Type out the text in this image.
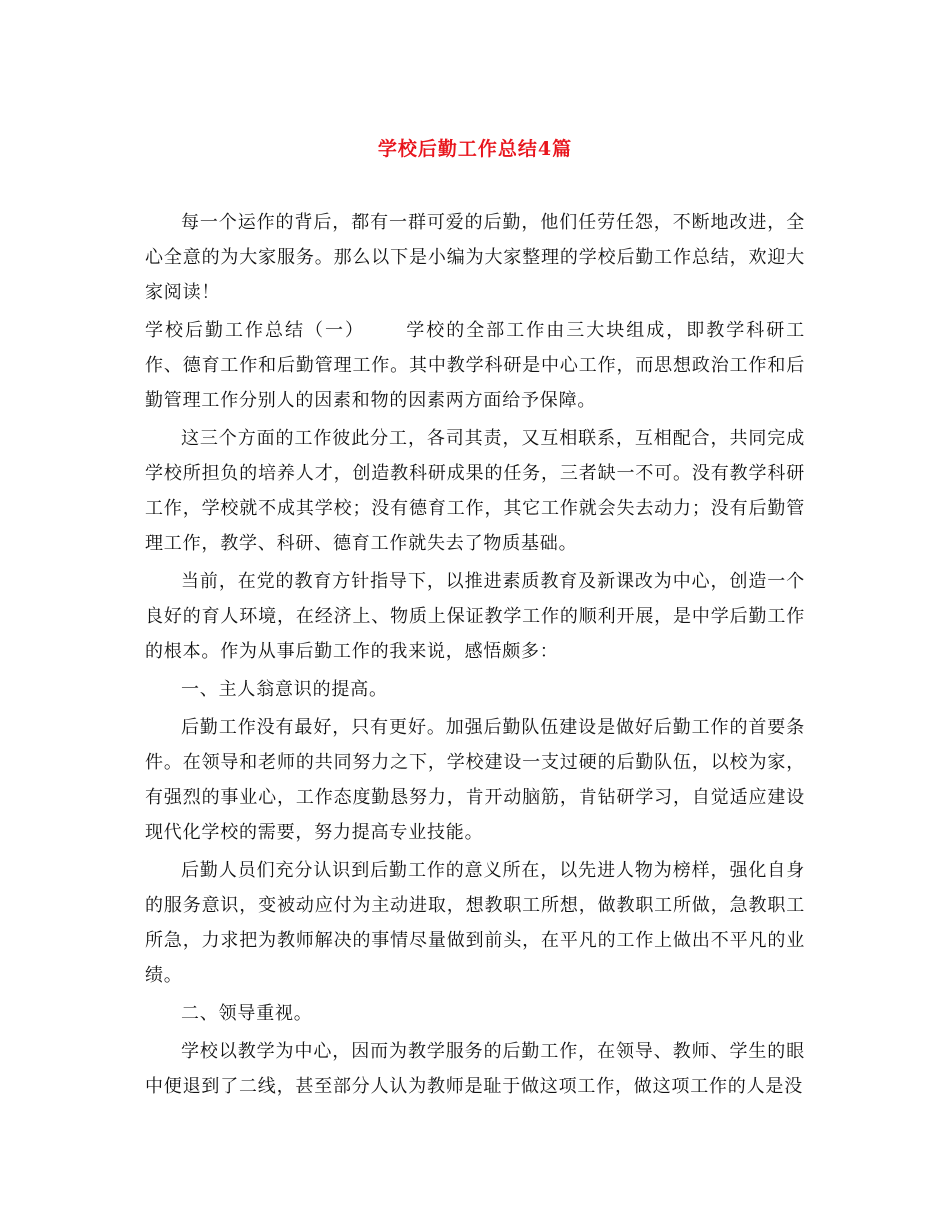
学校后勤工作总结4篇

每一个运作的背后，都有一群可爱的后勤，他们任劳任怨，不断地改进，全心全意的为大家服务。那么以下是小编为大家整理的学校后勤工作总结，欢迎大家阅读！

学校后勤工作总结（一） 学校的全部工作由三大块组成，即教学科研工作、德育工作和后勤管理工作。其中教学科研是中心工作，而思想政治工作和后勤管理工作分别人的因素和物的因素两方面给予保障。

这三个方面的工作彼此分工，各司其责，又互相联系，互相配合，共同完成学校所担负的培养人才，创造教科研成果的任务，三者缺一不可。没有教学科研工作，学校就不成其学校；没有德育工作，其它工作就会失去动力；没有后勤管理工作，教学、科研、德育工作就失去了物质基础。

当前，在党的教育方针指导下，以推进素质教育及新课改为中心，创造一个良好的育人环境，在经济上、物质上保证教学工作的顺利开展，是中学后勤工作的根本。作为从事后勤工作的我来说，感悟颇多：

一、主人翁意识的提高。

后勤工作没有最好，只有更好。加强后勤队伍建设是做好后勤工作的首要条件。在领导和老师的共同努力之下，学校建设一支过硬的后勤队伍，以校为家，有强烈的事业心，工作态度勤恳努力，肯开动脑筋，肯钻研学习，自觉适应建设现代化学校的需要，努力提高专业技能。

后勤人员们充分认识到后勤工作的意义所在，以先进人物为榜样，强化自身的服务意识，变被动应付为主动进取，想教职工所想，做教职工所做，急教职工所急，力求把为教师解决的事情尽量做到前头，在平凡的工作上做出不平凡的业绩。

二、领导重视。

学校以教学为中心，因而为教学服务的后勤工作，在领导、教师、学生的眼中便退到了二线，甚至部分人认为教师是耻于做这项工作，做这项工作的人是没
